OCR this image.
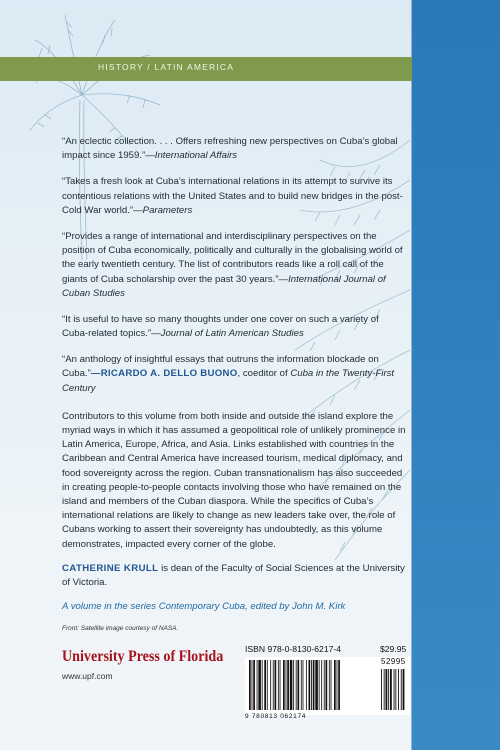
HISTORY / LATIN AMERICA

“An eclectic collection. . . . Offers refreshing new perspectives on Cuba’s global impact since 1959.”—International Affairs

“Takes a fresh look at Cuba’s international relations in its attempt to survive its contentious relations with the United States and to build new bridges in the post-Cold War world.”—Parameters

“Provides a range of international and interdisciplinary perspectives on the position of Cuba economically, politically and culturally in the globalising world of the early twentieth century. The list of contributors reads like a roll call of the giants of Cuba scholarship over the past 30 years.”—International Journal of Cuban Studies

“It is useful to have so many thoughts under one cover on such a variety of Cuba-related topics.”—Journal of Latin American Studies

“An anthology of insightful essays that outruns the information blockade on Cuba.”—RICARDO A. DELLO BUONO, coeditor of Cuba in the Twenty-First Century

Contributors to this volume from both inside and outside the island explore the myriad ways in which it has assumed a geopolitical role of unlikely prominence in Latin America, Europe, Africa, and Asia. Links established with countries in the Caribbean and Central America have increased tourism, medical diplomacy, and food sovereignty across the region. Cuban transnationalism has also succeeded in creating people-to-people contacts involving those who have remained on the island and members of the Cuban diaspora. While the specifics of Cuba’s international relations are likely to change as new leaders take over, the role of Cubans working to assert their sovereignty has undoubtedly, as this volume demonstrates, impacted every corner of the globe.

CATHERINE KRULL is dean of the Faculty of Social Sciences at the University of Victoria.

A volume in the series Contemporary Cuba, edited by John M. Kirk

Front: Satellite image courtesy of NASA.

University Press of Florida
www.upf.com
ISBN 978-0-8130-6217-4	$29.95
52995
9 780813 062174
